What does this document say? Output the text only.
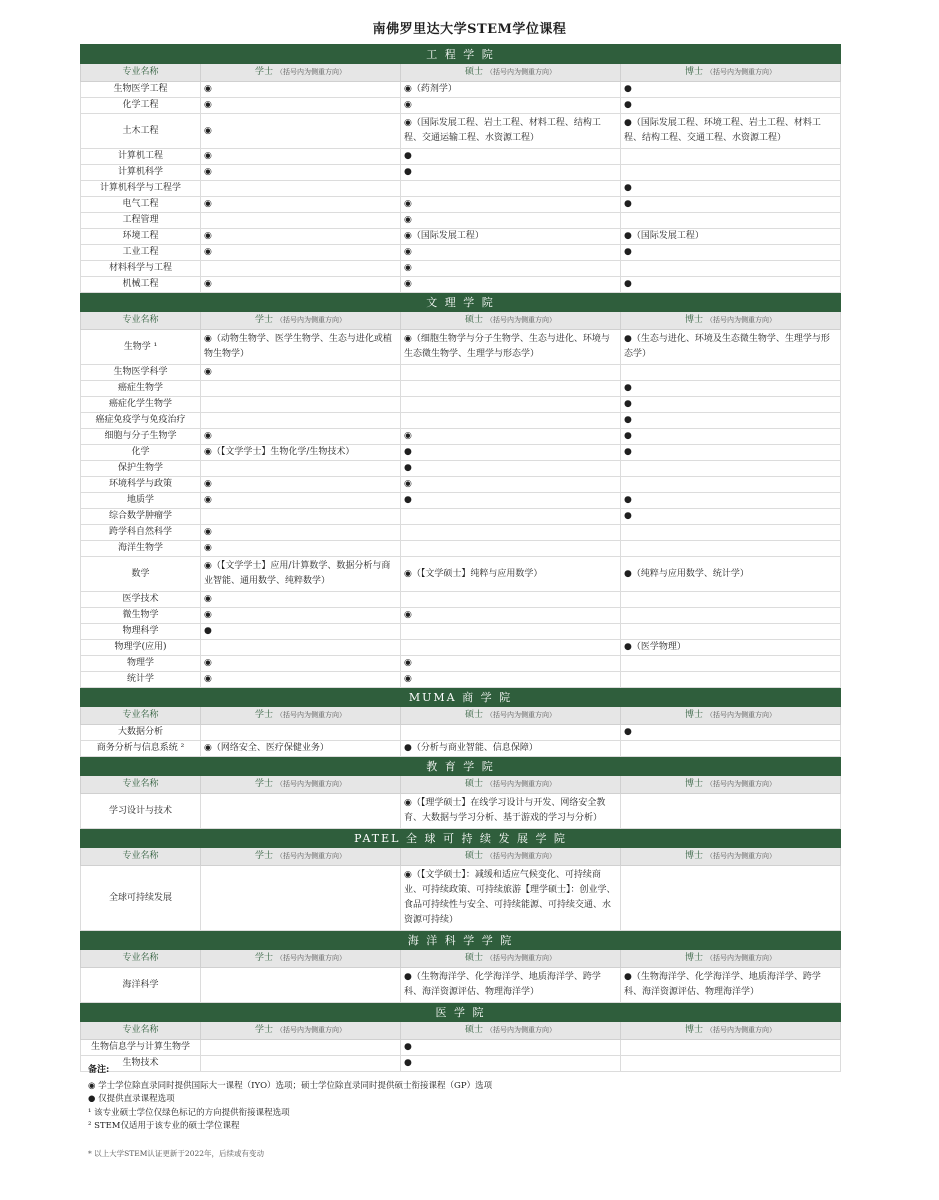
南佛罗里达大学STEM学位课程
工 程 学 院			
专业名称	学士 （括号内为侧重方向）	硕士 （括号内为侧重方向）	博士 （括号内为侧重方向）
生物医学工程	◉	◉（药剂学）	●
化学工程	◉	◉	●
土木工程	◉	◉（国际发展工程、岩土工程、材料工程、结构工程、交通运输工程、水资源工程）	●（国际发展工程、环境工程、岩土工程、材料工程、结构工程、交通工程、水资源工程）
计算机工程	◉	●	
计算机科学	◉	●	
计算机科学与工程学			●
电气工程	◉	◉	●
工程管理		◉	
环境工程	◉	◉（国际发展工程）	●（国际发展工程）
工业工程	◉	◉	●
材料科学与工程		◉	
机械工程	◉	◉	●
文 理 学 院			
专业名称	学士 （括号内为侧重方向）	硕士 （括号内为侧重方向）	博士 （括号内为侧重方向）
生物学 ¹	◉（动物生物学、医学生物学、生态与进化或植物生物学）	◉（细胞生物学与分子生物学、生态与进化、环境与生态微生物学、生理学与形态学）	●（生态与进化、环境及生态微生物学、生理学与形态学）
生物医学科学	◉		
癌症生物学			●
癌症化学生物学			●
癌症免疫学与免疫治疗			●
细胞与分子生物学	◉	◉	●
化学	◉（【文学学士】生物化学/生物技术）	●	●
保护生物学		●	
环境科学与政策	◉	◉	
地质学	◉	●	●
综合数学肿瘤学			●
跨学科自然科学	◉		
海洋生物学	◉		
数学	◉（【文学学士】应用/计算数学、数据分析与商业智能、通用数学、纯粹数学）	◉（【文学硕士】纯粹与应用数学）	●（纯粹与应用数学、统计学）
医学技术	◉		
微生物学	◉	◉	
物理科学	●		
物理学(应用)			●（医学物理）
物理学	◉	◉	
统计学	◉	◉	
MUMA 商 学 院			
专业名称	学士 （括号内为侧重方向）	硕士 （括号内为侧重方向）	博士 （括号内为侧重方向）
大数据分析			●
商务分析与信息系统 ²	◉（网络安全、医疗保健业务）	●（分析与商业智能、信息保障）	
教 育 学 院			
专业名称	学士 （括号内为侧重方向）	硕士 （括号内为侧重方向）	博士 （括号内为侧重方向）
学习设计与技术		◉（【理学硕士】在线学习设计与开发、网络安全教育、大数据与学习分析、基于游戏的学习与分析）	
PATEL 全 球 可 持 续 发 展 学 院			
专业名称	学士 （括号内为侧重方向）	硕士 （括号内为侧重方向）	博士 （括号内为侧重方向）
全球可持续发展		◉（【文学硕士】：减缓和适应气候变化、可持续商业、可持续政策、可持续旅游【理学硕士】：创业学、食品可持续性与安全、可持续能源、可持续交通、水资源可持续）	
海 洋 科 学 学 院			
专业名称	学士 （括号内为侧重方向）	硕士 （括号内为侧重方向）	博士 （括号内为侧重方向）
海洋科学		●（生物海洋学、化学海洋学、地质海洋学、跨学科、海洋资源评估、物理海洋学）	●（生物海洋学、化学海洋学、地质海洋学、跨学科、海洋资源评估、物理海洋学）
医 学 院			
专业名称	学士 （括号内为侧重方向）	硕士 （括号内为侧重方向）	博士 （括号内为侧重方向）
生物信息学与计算生物学		●	
生物技术		●	
备注:
◉ 学士学位除直录同时提供国际大一课程（IYO）选项；硕士学位除直录同时提供硕士衔接课程（GP）选项
● 仅提供直录课程选项
¹ 该专业硕士学位仅绿色标记的方向提供衔接课程选项
² STEM仅适用于该专业的硕士学位课程
* 以上大学STEM认证更新于2022年，后续或有变动
